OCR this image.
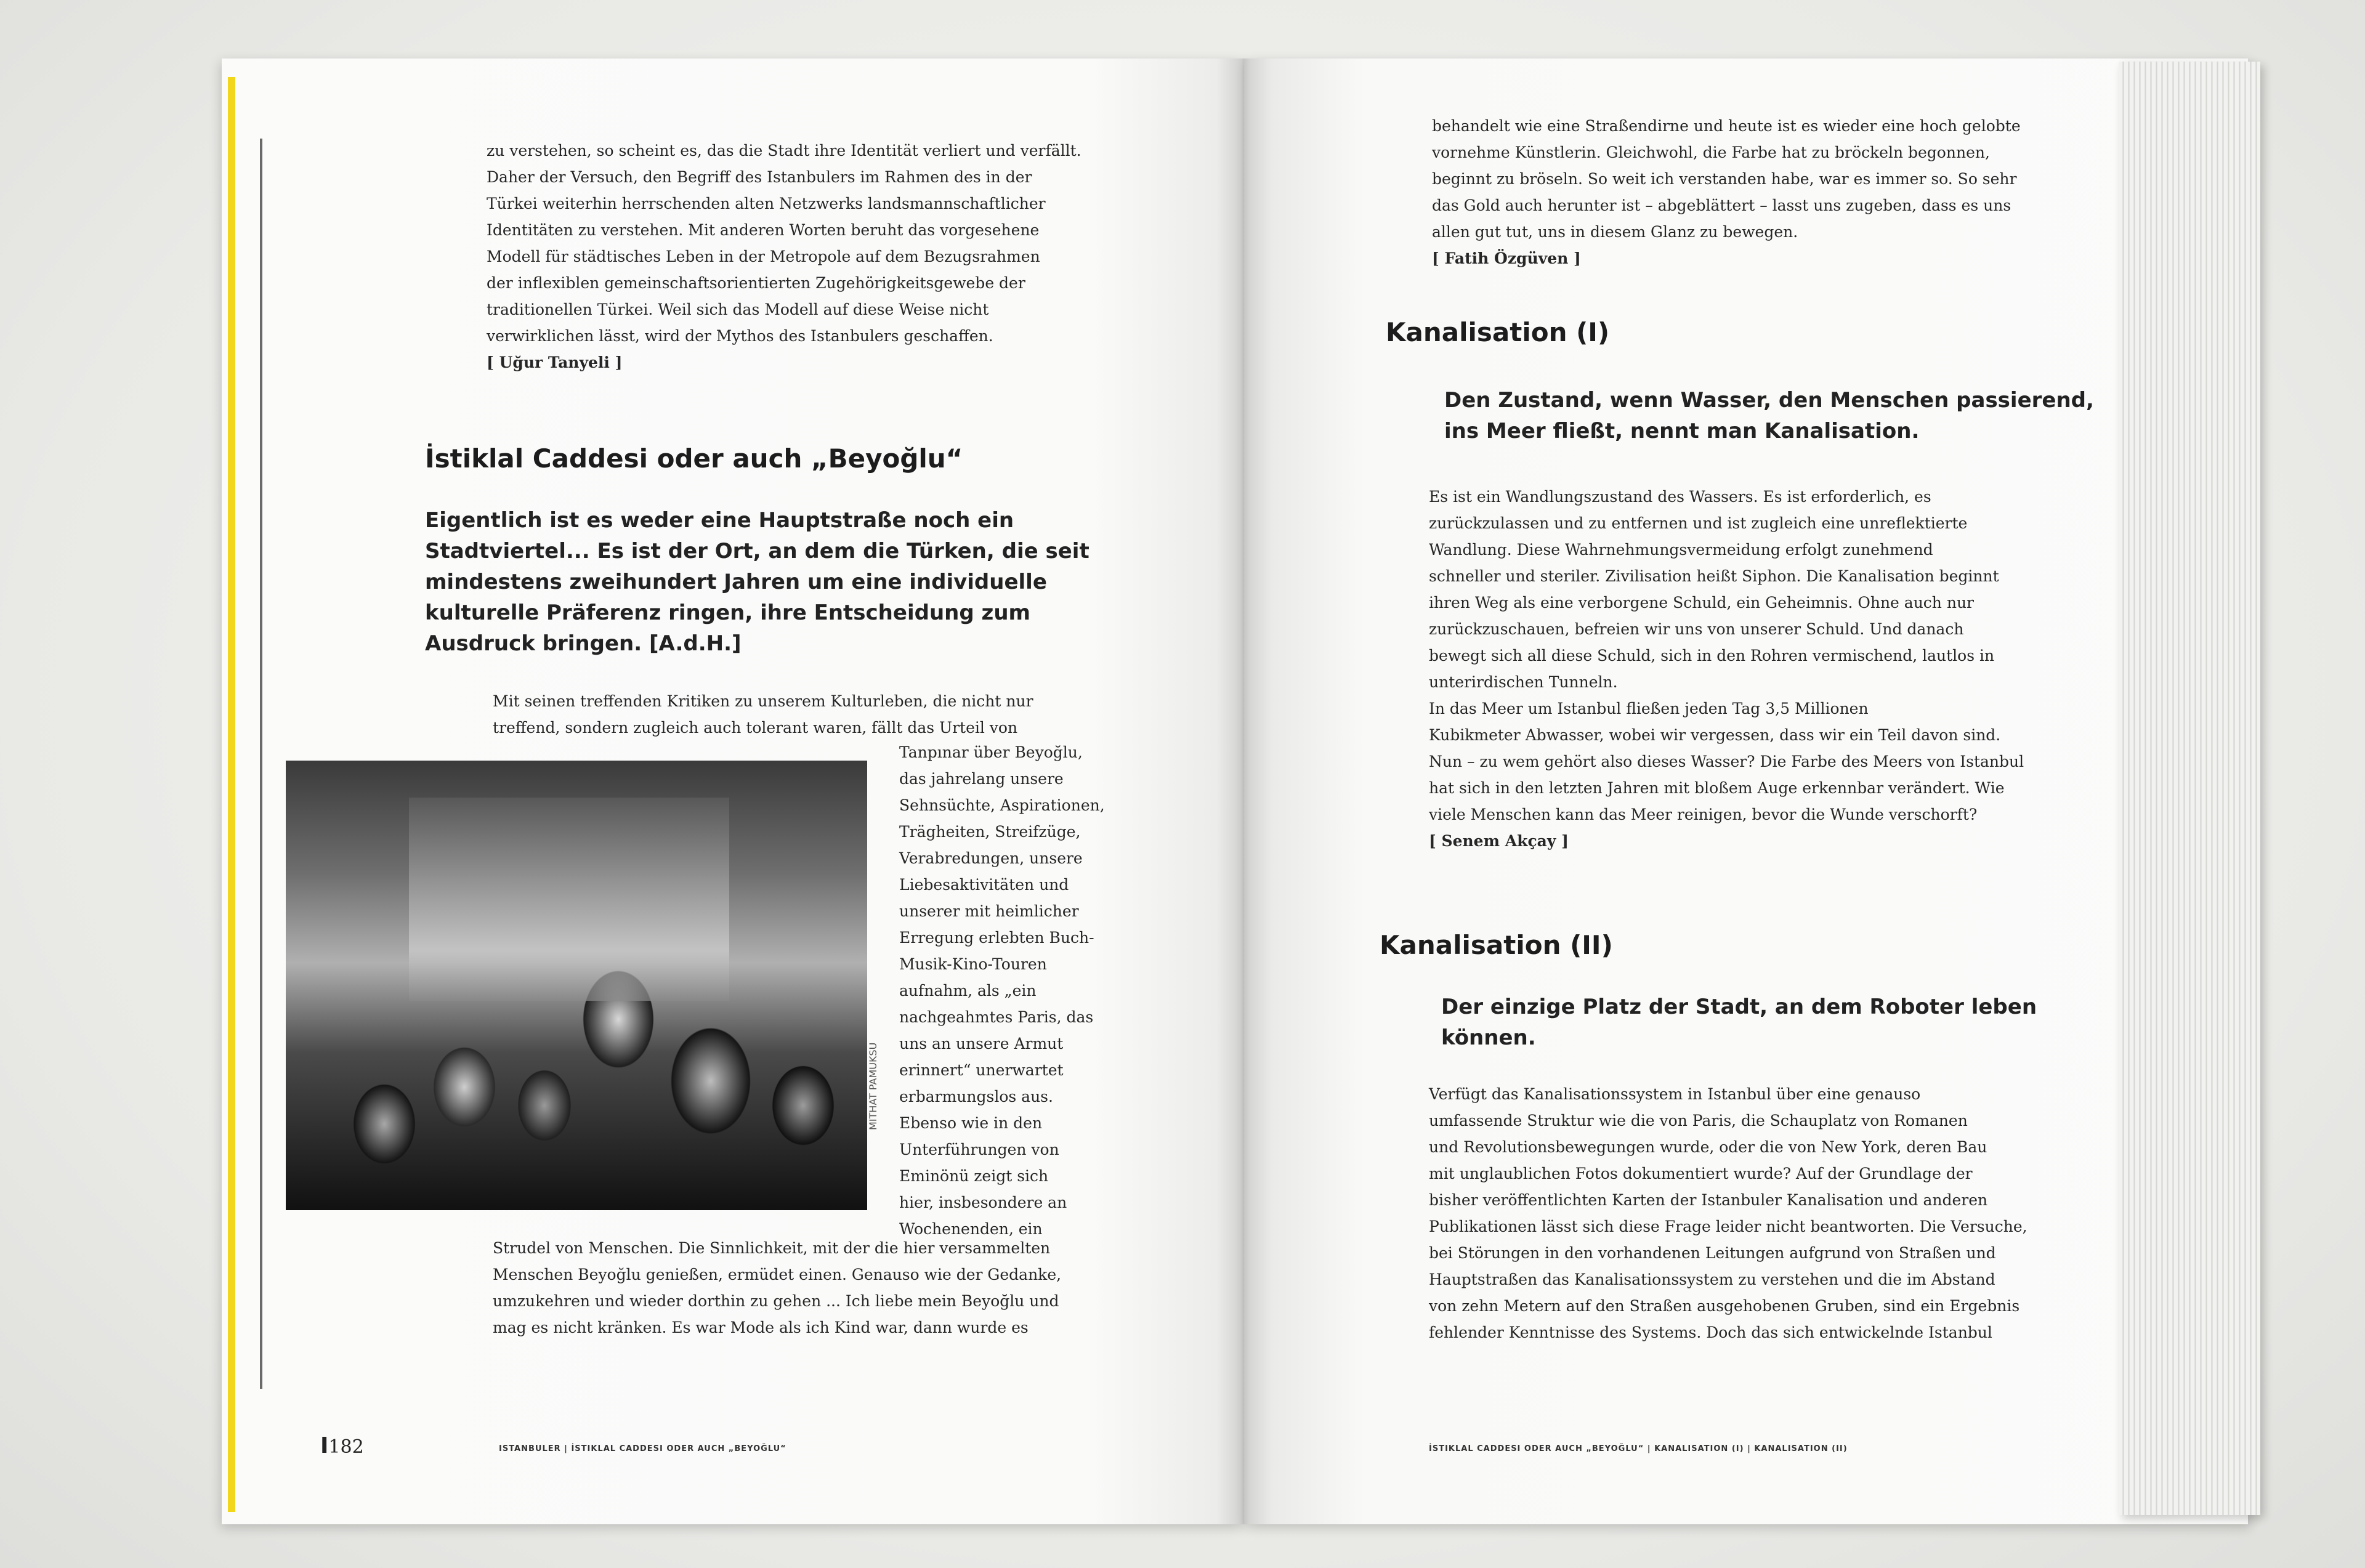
zu verstehen, so scheint es, das die Stadt ihre Identität verliert und verfällt.
Daher der Versuch, den Begriff des Istanbulers im Rahmen des in der
Türkei weiterhin herrschenden alten Netzwerks landsmannschaftlicher
Identitäten zu verstehen. Mit anderen Worten beruht das vorgesehene
Modell für städtisches Leben in der Metropole auf dem Bezugsrahmen
der inflexiblen gemeinschaftsorientierten Zugehörigkeitsgewebe der
traditionellen Türkei. Weil sich das Modell auf diese Weise nicht
verwirklichen lässt, wird der Mythos des Istanbulers geschaffen.
[ Uğur Tanyeli ]
İstiklal Caddesi oder auch „Beyoğlu“
Eigentlich ist es weder eine Hauptstraße noch ein
Stadtviertel... Es ist der Ort, an dem die Türken, die seit
mindestens zweihundert Jahren um eine individuelle
kulturelle Präferenz ringen, ihre Entscheidung zum
Ausdruck bringen. [A.d.H.]
Mit seinen treffenden Kritiken zu unserem Kulturleben, die nicht nur
treffend, sondern zugleich auch tolerant waren, fällt das Urteil von
MITHAT PAMUKSU
Tanpınar über Beyoğlu,
das jahrelang unsere
Sehnsüchte, Aspirationen,
Trägheiten, Streifzüge,
Verabredungen, unsere
Liebesaktivitäten und
unserer mit heimlicher
Erregung erlebten Buch-
Musik-Kino-Touren
aufnahm, als „ein
nachgeahmtes Paris, das
uns an unsere Armut
erinnert“ unerwartet
erbarmungslos aus.
Ebenso wie in den
Unterführungen von
Eminönü zeigt sich
hier, insbesondere an
Wochenenden, ein
Strudel von Menschen. Die Sinnlichkeit, mit der die hier versammelten
Menschen Beyoğlu genießen, ermüdet einen. Genauso wie der Gedanke,
umzukehren und wieder dorthin zu gehen ... Ich liebe mein Beyoğlu und
mag es nicht kränken. Es war Mode als ich Kind war, dann wurde es
I182	ISTANBULER | İSTIKLAL CADDESI ODER AUCH „BEYOĞLU“
behandelt wie eine Straßendirne und heute ist es wieder eine hoch gelobte
vornehme Künstlerin. Gleichwohl, die Farbe hat zu bröckeln begonnen,
beginnt zu bröseln. So weit ich verstanden habe, war es immer so. So sehr
das Gold auch herunter ist – abgeblättert – lasst uns zugeben, dass es uns
allen gut tut, uns in diesem Glanz zu bewegen.
[ Fatih Özgüven ]
Kanalisation (I)
Den Zustand, wenn Wasser, den Menschen passierend,
ins Meer fließt, nennt man Kanalisation.
Es ist ein Wandlungszustand des Wassers. Es ist erforderlich, es
zurückzulassen und zu entfernen und ist zugleich eine unreflektierte
Wandlung. Diese Wahrnehmungsvermeidung erfolgt zunehmend
schneller und steriler. Zivilisation heißt Siphon. Die Kanalisation beginnt
ihren Weg als eine verborgene Schuld, ein Geheimnis. Ohne auch nur
zurückzuschauen, befreien wir uns von unserer Schuld. Und danach
bewegt sich all diese Schuld, sich in den Rohren vermischend, lautlos in
unterirdischen Tunneln.
In das Meer um Istanbul fließen jeden Tag 3,5 Millionen
Kubikmeter Abwasser, wobei wir vergessen, dass wir ein Teil davon sind.
Nun – zu wem gehört also dieses Wasser? Die Farbe des Meers von Istanbul
hat sich in den letzten Jahren mit bloßem Auge erkennbar verändert. Wie
viele Menschen kann das Meer reinigen, bevor die Wunde verschorft?
[ Senem Akçay ]
Kanalisation (II)
Der einzige Platz der Stadt, an dem Roboter leben
können.
Verfügt das Kanalisationssystem in Istanbul über eine genauso
umfassende Struktur wie die von Paris, die Schauplatz von Romanen
und Revolutionsbewegungen wurde, oder die von New York, deren Bau
mit unglaublichen Fotos dokumentiert wurde? Auf der Grundlage der
bisher veröffentlichten Karten der Istanbuler Kanalisation und anderen
Publikationen lässt sich diese Frage leider nicht beantworten. Die Versuche,
bei Störungen in den vorhandenen Leitungen aufgrund von Straßen und
Hauptstraßen das Kanalisationssystem zu verstehen und die im Abstand
von zehn Metern auf den Straßen ausgehobenen Gruben, sind ein Ergebnis
fehlender Kenntnisse des Systems. Doch das sich entwickelnde Istanbul
İSTIKLAL CADDESI ODER AUCH „BEYOĞLU“ | KANALISATION (I) | KANALISATION (II)
